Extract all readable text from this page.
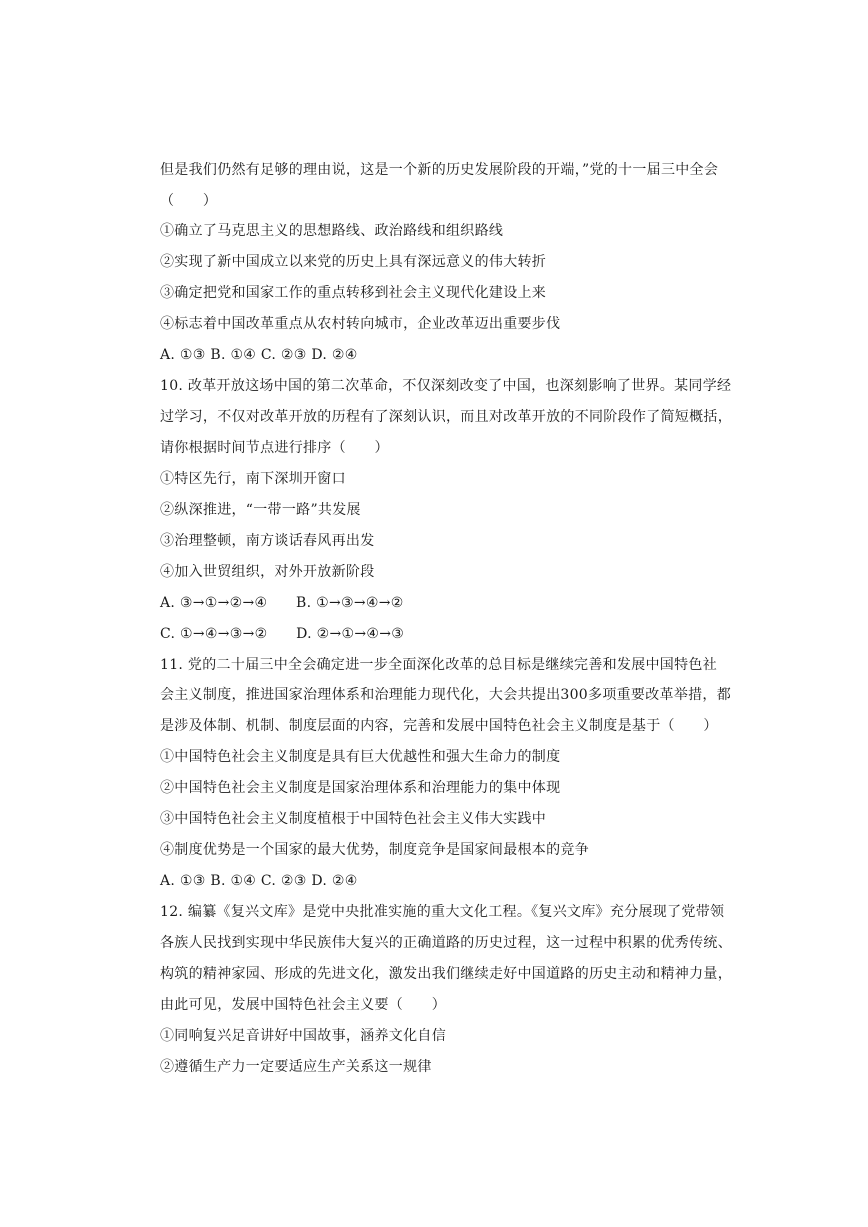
但是我们仍然有足够的理由说，这是一个新的历史发展阶段的开端，”党的十一届三中全会
（　　）
①确立了马克思主义的思想路线、政治路线和组织路线
②实现了新中国成立以来党的历史上具有深远意义的伟大转折
③确定把党和国家工作的重点转移到社会主义现代化建设上来
④标志着中国改革重点从农村转向城市，企业改革迈出重要步伐
A. ①③ B. ①④ C. ②③ D. ②④
10. 改革开放这场中国的第二次革命，不仅深刻改变了中国，也深刻影响了世界。某同学经
过学习，不仅对改革开放的历程有了深刻认识，而且对改革开放的不同阶段作了简短概括，
请你根据时间节点进行排序（　　）
①特区先行，南下深圳开窗口
②纵深推进，“一带一路”共发展
③治理整顿，南方谈话春风再出发
④加入世贸组织，对外开放新阶段
A. ③→①→②→④　　B. ①→③→④→②
C. ①→④→③→②　　D. ②→①→④→③
11. 党的二十届三中全会确定进一步全面深化改革的总目标是继续完善和发展中国特色社
会主义制度，推进国家治理体系和治理能力现代化，大会共提出300多项重要改革举措，都
是涉及体制、机制、制度层面的内容，完善和发展中国特色社会主义制度是基于（　　）
①中国特色社会主义制度是具有巨大优越性和强大生命力的制度
②中国特色社会主义制度是国家治理体系和治理能力的集中体现
③中国特色社会主义制度植根于中国特色社会主义伟大实践中
④制度优势是一个国家的最大优势，制度竞争是国家间最根本的竞争
A. ①③ B. ①④ C. ②③ D. ②④
12. 编纂《复兴文库》是党中央批准实施的重大文化工程。《复兴文库》充分展现了党带领
各族人民找到实现中华民族伟大复兴的正确道路的历史过程，这一过程中积累的优秀传统、
构筑的精神家园、形成的先进文化，激发出我们继续走好中国道路的历史主动和精神力量，
由此可见，发展中国特色社会主义要（　　）
①同响复兴足音讲好中国故事，涵养文化自信
②遵循生产力一定要适应生产关系这一规律
